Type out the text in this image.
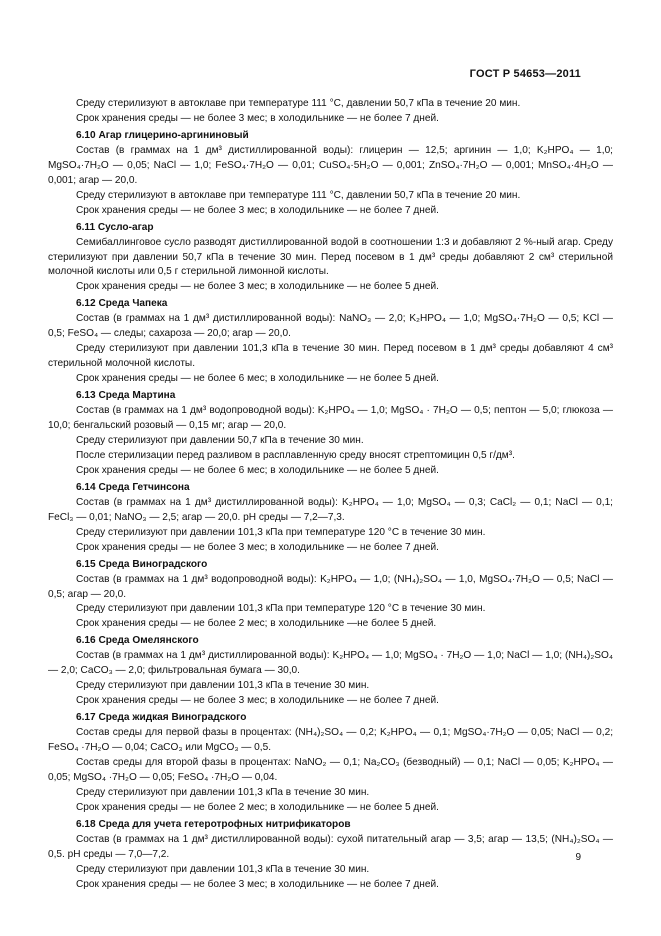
ГОСТ Р 54653—2011

Среду стерилизуют в автоклаве при температуре 111 °С, давлении 50,7 кПа в течение 20 мин.

Срок хранения среды — не более 3 мес; в холодильнике — не более 7 дней.

6.10 Агар глицерино-аргининовый

Состав (в граммах на 1 дм³ дистиллированной воды): глицерин — 12,5; аргинин — 1,0; K₂HPO₄ — 1,0; MgSO₄·7H₂O — 0,05; NaCl — 1,0; FeSO₄·7H₂O — 0,01; CuSO₄·5H₂O — 0,001; ZnSO₄·7H₂O — 0,001; MnSO₄·4H₂O — 0,001; агар — 20,0.

Среду стерилизуют в автоклаве при температуре 111 °С, давлении 50,7 кПа в течение 20 мин.

Срок хранения среды — не более 3 мес; в холодильнике — не более 7 дней.

6.11 Сусло-агар

Семибаллинговое сусло разводят дистиллированной водой в соотношении 1:3 и добавляют 2 %-ный агар. Среду стерилизуют при давлении 50,7 кПа в течение 30 мин. Перед посевом в 1 дм³ среды добавляют 2 см³ стерильной молочной кислоты или 0,5 г стерильной лимонной кислоты.

Срок хранения среды — не более 3 мес; в холодильнике — не более 5 дней.

6.12 Среда Чапека

Состав (в граммах на 1 дм³ дистиллированной воды): NaNO₃ — 2,0; K₂HPO₄ — 1,0; MgSO₄·7H₂O — 0,5; KCl — 0,5; FeSO₄ — следы; сахароза — 20,0; агар — 20,0.

Среду стерилизуют при давлении 101,3 кПа в течение 30 мин. Перед посевом в 1 дм³ среды добавляют 4 см³ стерильной молочной кислоты.

Срок хранения среды — не более 6 мес; в холодильнике — не более 5 дней.

6.13 Среда Мартина

Состав (в граммах на 1 дм³ водопроводной воды): K₂HPO₄ — 1,0; MgSO₄ · 7H₂O — 0,5; пептон — 5,0; глюкоза — 10,0; бенгальский розовый — 0,15 мг; агар — 20,0.

Среду стерилизуют при давлении 50,7 кПа в течение 30 мин.

После стерилизации перед разливом в расплавленную среду вносят стрептомицин 0,5 г/дм³.

Срок хранения среды — не более 6 мес; в холодильнике — не более 5 дней.

6.14 Среда Гетчинсона

Состав (в граммах на 1 дм³ дистиллированной воды): K₂HPO₄ — 1,0; MgSO₄ — 0,3; CaCl₂ — 0,1; NaCl — 0,1; FeCl₃ — 0,01; NaNO₃ — 2,5; агар — 20,0. pH среды — 7,2—7,3.

Среду стерилизуют при давлении 101,3 кПа при температуре 120 °С в течение 30 мин.

Срок хранения среды — не более 3 мес; в холодильнике — не более 7 дней.

6.15 Среда Виноградского

Состав (в граммах на 1 дм³ водопроводной воды): K₂HPO₄ — 1,0; (NH₄)₂SO₄ — 1,0, MgSO₄·7H₂O — 0,5; NaCl — 0,5; агар — 20,0.

Среду стерилизуют при давлении 101,3 кПа при температуре 120 °С в течение 30 мин.

Срок хранения среды — не более 2 мес; в холодильнике —не более 5 дней.

6.16 Среда Омелянского

Состав (в граммах на 1 дм³ дистиллированной воды): K₂HPO₄ — 1,0; MgSO₄ · 7H₂O — 1,0; NaCl — 1,0; (NH₄)₂SO₄ — 2,0; CaCO₃ — 2,0; фильтровальная бумага — 30,0.

Среду стерилизуют при давлении 101,3 кПа в течение 30 мин.

Срок хранения среды — не более 3 мес; в холодильнике — не более 7 дней.

6.17 Среда жидкая Виноградского

Состав среды для первой фазы в процентах: (NH₄)₂SO₄ — 0,2; K₂HPO₄ — 0,1; MgSO₄·7H₂O — 0,05; NaCl — 0,2; FeSO₄ ·7H₂O — 0,04; CaCO₃ или MgCO₃ — 0,5.

Состав среды для второй фазы в процентах: NaNO₂ — 0,1; Na₂CO₃ (безводный) — 0,1; NaCl — 0,05; K₂HPO₄ — 0,05; MgSO₄ ·7H₂O — 0,05; FeSO₄ ·7H₂O — 0,04.

Среду стерилизуют при давлении 101,3 кПа в течение 30 мин.

Срок хранения среды — не более 2 мес; в холодильнике — не более 5 дней.

6.18 Среда для учета гетеротрофных нитрификаторов

Состав (в граммах на 1 дм³ дистиллированной воды): сухой питательный агар — 3,5; агар — 13,5; (NH₄)₂SO₄ — 0,5. pH среды — 7,0—7,2.

Среду стерилизуют при давлении 101,3 кПа в течение 30 мин.

Срок хранения среды — не более 3 мес; в холодильнике — не более 7 дней.

9
